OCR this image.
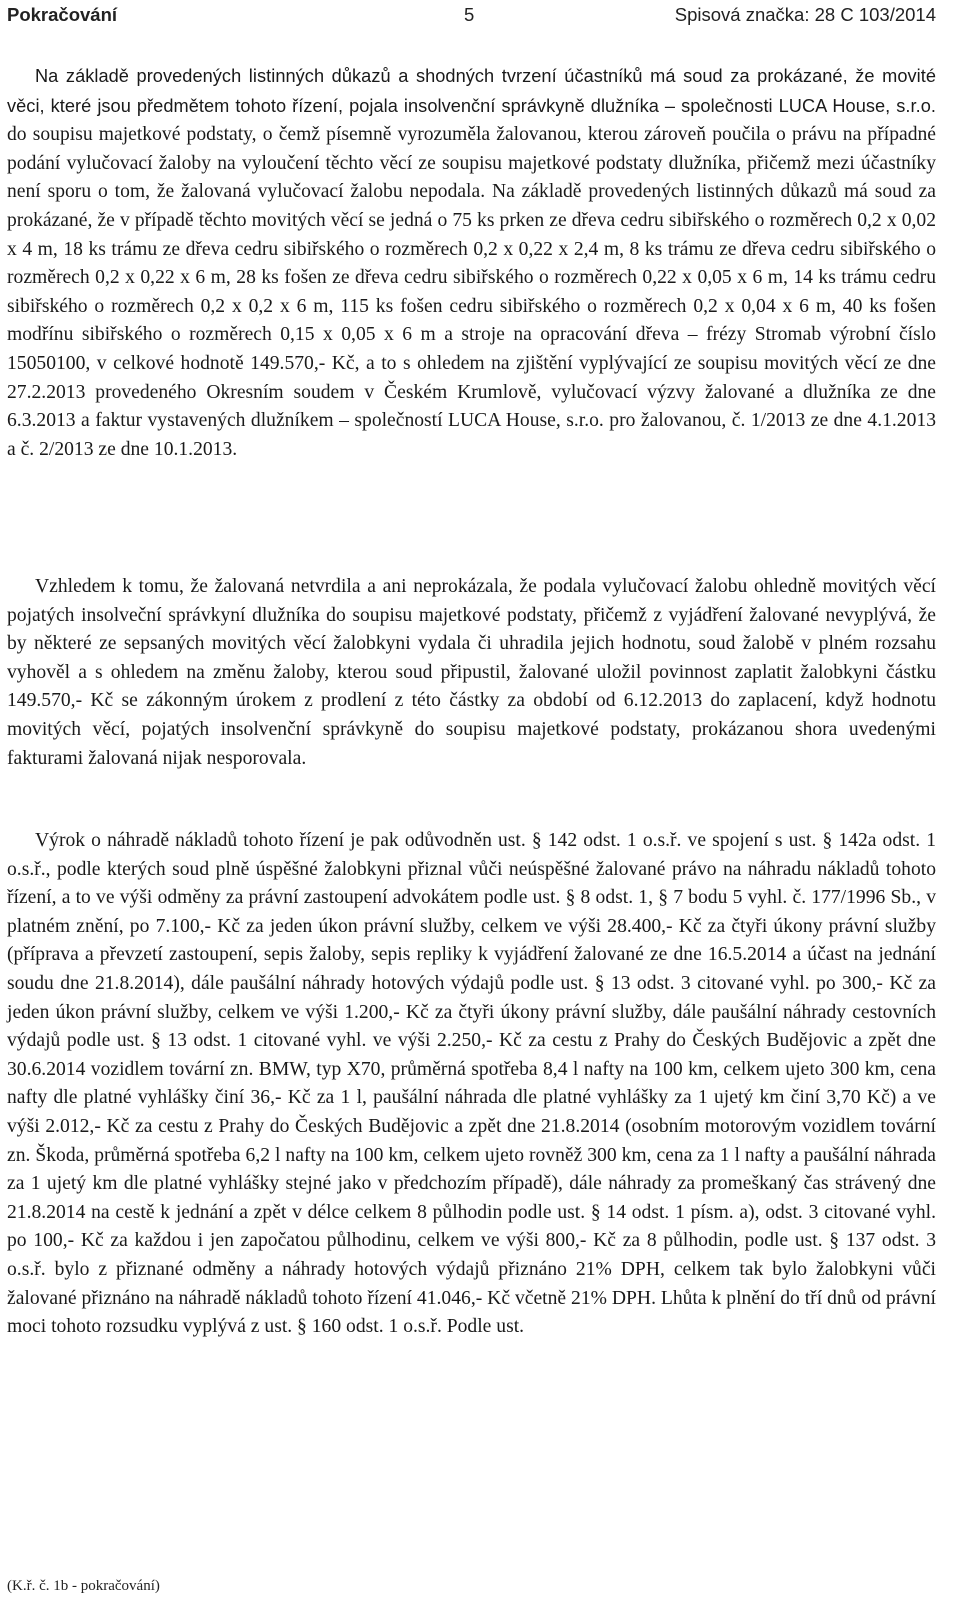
Pokračování	5	Spisová značka: 28 C 103/2014

Na základě provedených listinných důkazů a shodných tvrzení účastníků má soud za prokázané, že movité věci, které jsou předmětem tohoto řízení, pojala insolvenční správkyně dlužníka – společnosti LUCA House, s.r.o. do soupisu majetkové podstaty, o čemž písemně vyrozuměla žalovanou, kterou zároveň poučila o právu na případné podání vylučovací žaloby na vyloučení těchto věcí ze soupisu majetkové podstaty dlužníka, přičemž mezi účastníky není sporu o tom, že žalovaná vylučovací žalobu nepodala. Na základě provedených listinných důkazů má soud za prokázané, že v případě těchto movitých věcí se jedná o 75 ks prken ze dřeva cedru sibiřského o rozměrech 0,2 x 0,02 x 4 m, 18 ks trámu ze dřeva cedru sibiřského o rozměrech 0,2 x 0,22 x 2,4 m, 8 ks trámu ze dřeva cedru sibiřského o rozměrech 0,2 x 0,22 x 6 m, 28 ks fošen ze dřeva cedru sibiřského o rozměrech 0,22 x 0,05 x 6 m, 14 ks trámu cedru sibiřského o rozměrech 0,2 x 0,2 x 6 m, 115 ks fošen cedru sibiřského o rozměrech 0,2 x 0,04 x 6 m, 40 ks fošen modřínu sibiřského o rozměrech 0,15 x 0,05 x 6 m a stroje na opracování dřeva – frézy Stromab výrobní číslo 15050100, v celkové hodnotě 149.570,- Kč, a to s ohledem na zjištění vyplývající ze soupisu movitých věcí ze dne 27.2.2013 provedeného Okresním soudem v Českém Krumlově, vylučovací výzvy žalované a dlužníka ze dne 6.3.2013 a faktur vystavených dlužníkem – společností LUCA House, s.r.o. pro žalovanou, č. 1/2013 ze dne 4.1.2013 a č. 2/2013 ze dne 10.1.2013.

Vzhledem k tomu, že žalovaná netvrdila a ani neprokázala, že podala vylučovací žalobu ohledně movitých věcí pojatých insolveční správkyní dlužníka do soupisu majetkové podstaty, přičemž z vyjádření žalované nevyplývá, že by některé ze sepsaných movitých věcí žalobkyni vydala či uhradila jejich hodnotu, soud žalobě v plném rozsahu vyhověl a s ohledem na změnu žaloby, kterou soud připustil, žalované uložil povinnost zaplatit žalobkyni částku 149.570,- Kč se zákonným úrokem z prodlení z této částky za období od 6.12.2013 do zaplacení, když hodnotu movitých věcí, pojatých insolvenční správkyně do soupisu majetkové podstaty, prokázanou shora uvedenými fakturami žalovaná nijak nesporovala.

Výrok o náhradě nákladů tohoto řízení je pak odůvodněn ust. § 142 odst. 1 o.s.ř. ve spojení s ust. § 142a odst. 1 o.s.ř., podle kterých soud plně úspěšné žalobkyni přiznal vůči neúspěšné žalované právo na náhradu nákladů tohoto řízení, a to ve výši odměny za právní zastoupení advokátem podle ust. § 8 odst. 1, § 7 bodu 5 vyhl. č. 177/1996 Sb., v platném znění, po 7.100,- Kč za jeden úkon právní služby, celkem ve výši 28.400,- Kč za čtyři úkony právní služby (příprava a převzetí zastoupení, sepis žaloby, sepis repliky k vyjádření žalované ze dne 16.5.2014 a účast na jednání soudu dne 21.8.2014), dále paušální náhrady hotových výdajů podle ust. § 13 odst. 3 citované vyhl. po 300,- Kč za jeden úkon právní služby, celkem ve výši 1.200,- Kč za čtyři úkony právní služby, dále paušální náhrady cestovních výdajů podle ust. § 13 odst. 1 citované vyhl. ve výši 2.250,- Kč za cestu z Prahy do Českých Budějovic a zpět dne 30.6.2014 vozidlem tovární zn. BMW, typ X70, průměrná spotřeba 8,4 l nafty na 100 km, celkem ujeto 300 km, cena nafty dle platné vyhlášky činí 36,- Kč za 1 l, paušální náhrada dle platné vyhlášky za 1 ujetý km činí 3,70 Kč) a ve výši 2.012,- Kč za cestu z Prahy do Českých Budějovic a zpět dne 21.8.2014 (osobním motorovým vozidlem tovární zn. Škoda, průměrná spotřeba 6,2 l nafty na 100 km, celkem ujeto rovněž 300 km, cena za 1 l nafty a paušální náhrada za 1 ujetý km dle platné vyhlášky stejné jako v předchozím případě), dále náhrady za promeškaný čas strávený dne 21.8.2014 na cestě k jednání a zpět v délce celkem 8 půlhodin podle ust. § 14 odst. 1 písm. a), odst. 3 citované vyhl. po 100,- Kč za každou i jen započatou půlhodinu, celkem ve výši 800,- Kč za 8 půlhodin, podle ust. § 137 odst. 3 o.s.ř. bylo z přiznané odměny a náhrady hotových výdajů přiznáno 21% DPH, celkem tak bylo žalobkyni vůči žalované přiznáno na náhradě nákladů tohoto řízení 41.046,- Kč včetně 21% DPH. Lhůta k plnění do tří dnů od právní moci tohoto rozsudku vyplývá z ust. § 160 odst. 1 o.s.ř. Podle ust.

(K.ř. č. 1b - pokračování)
